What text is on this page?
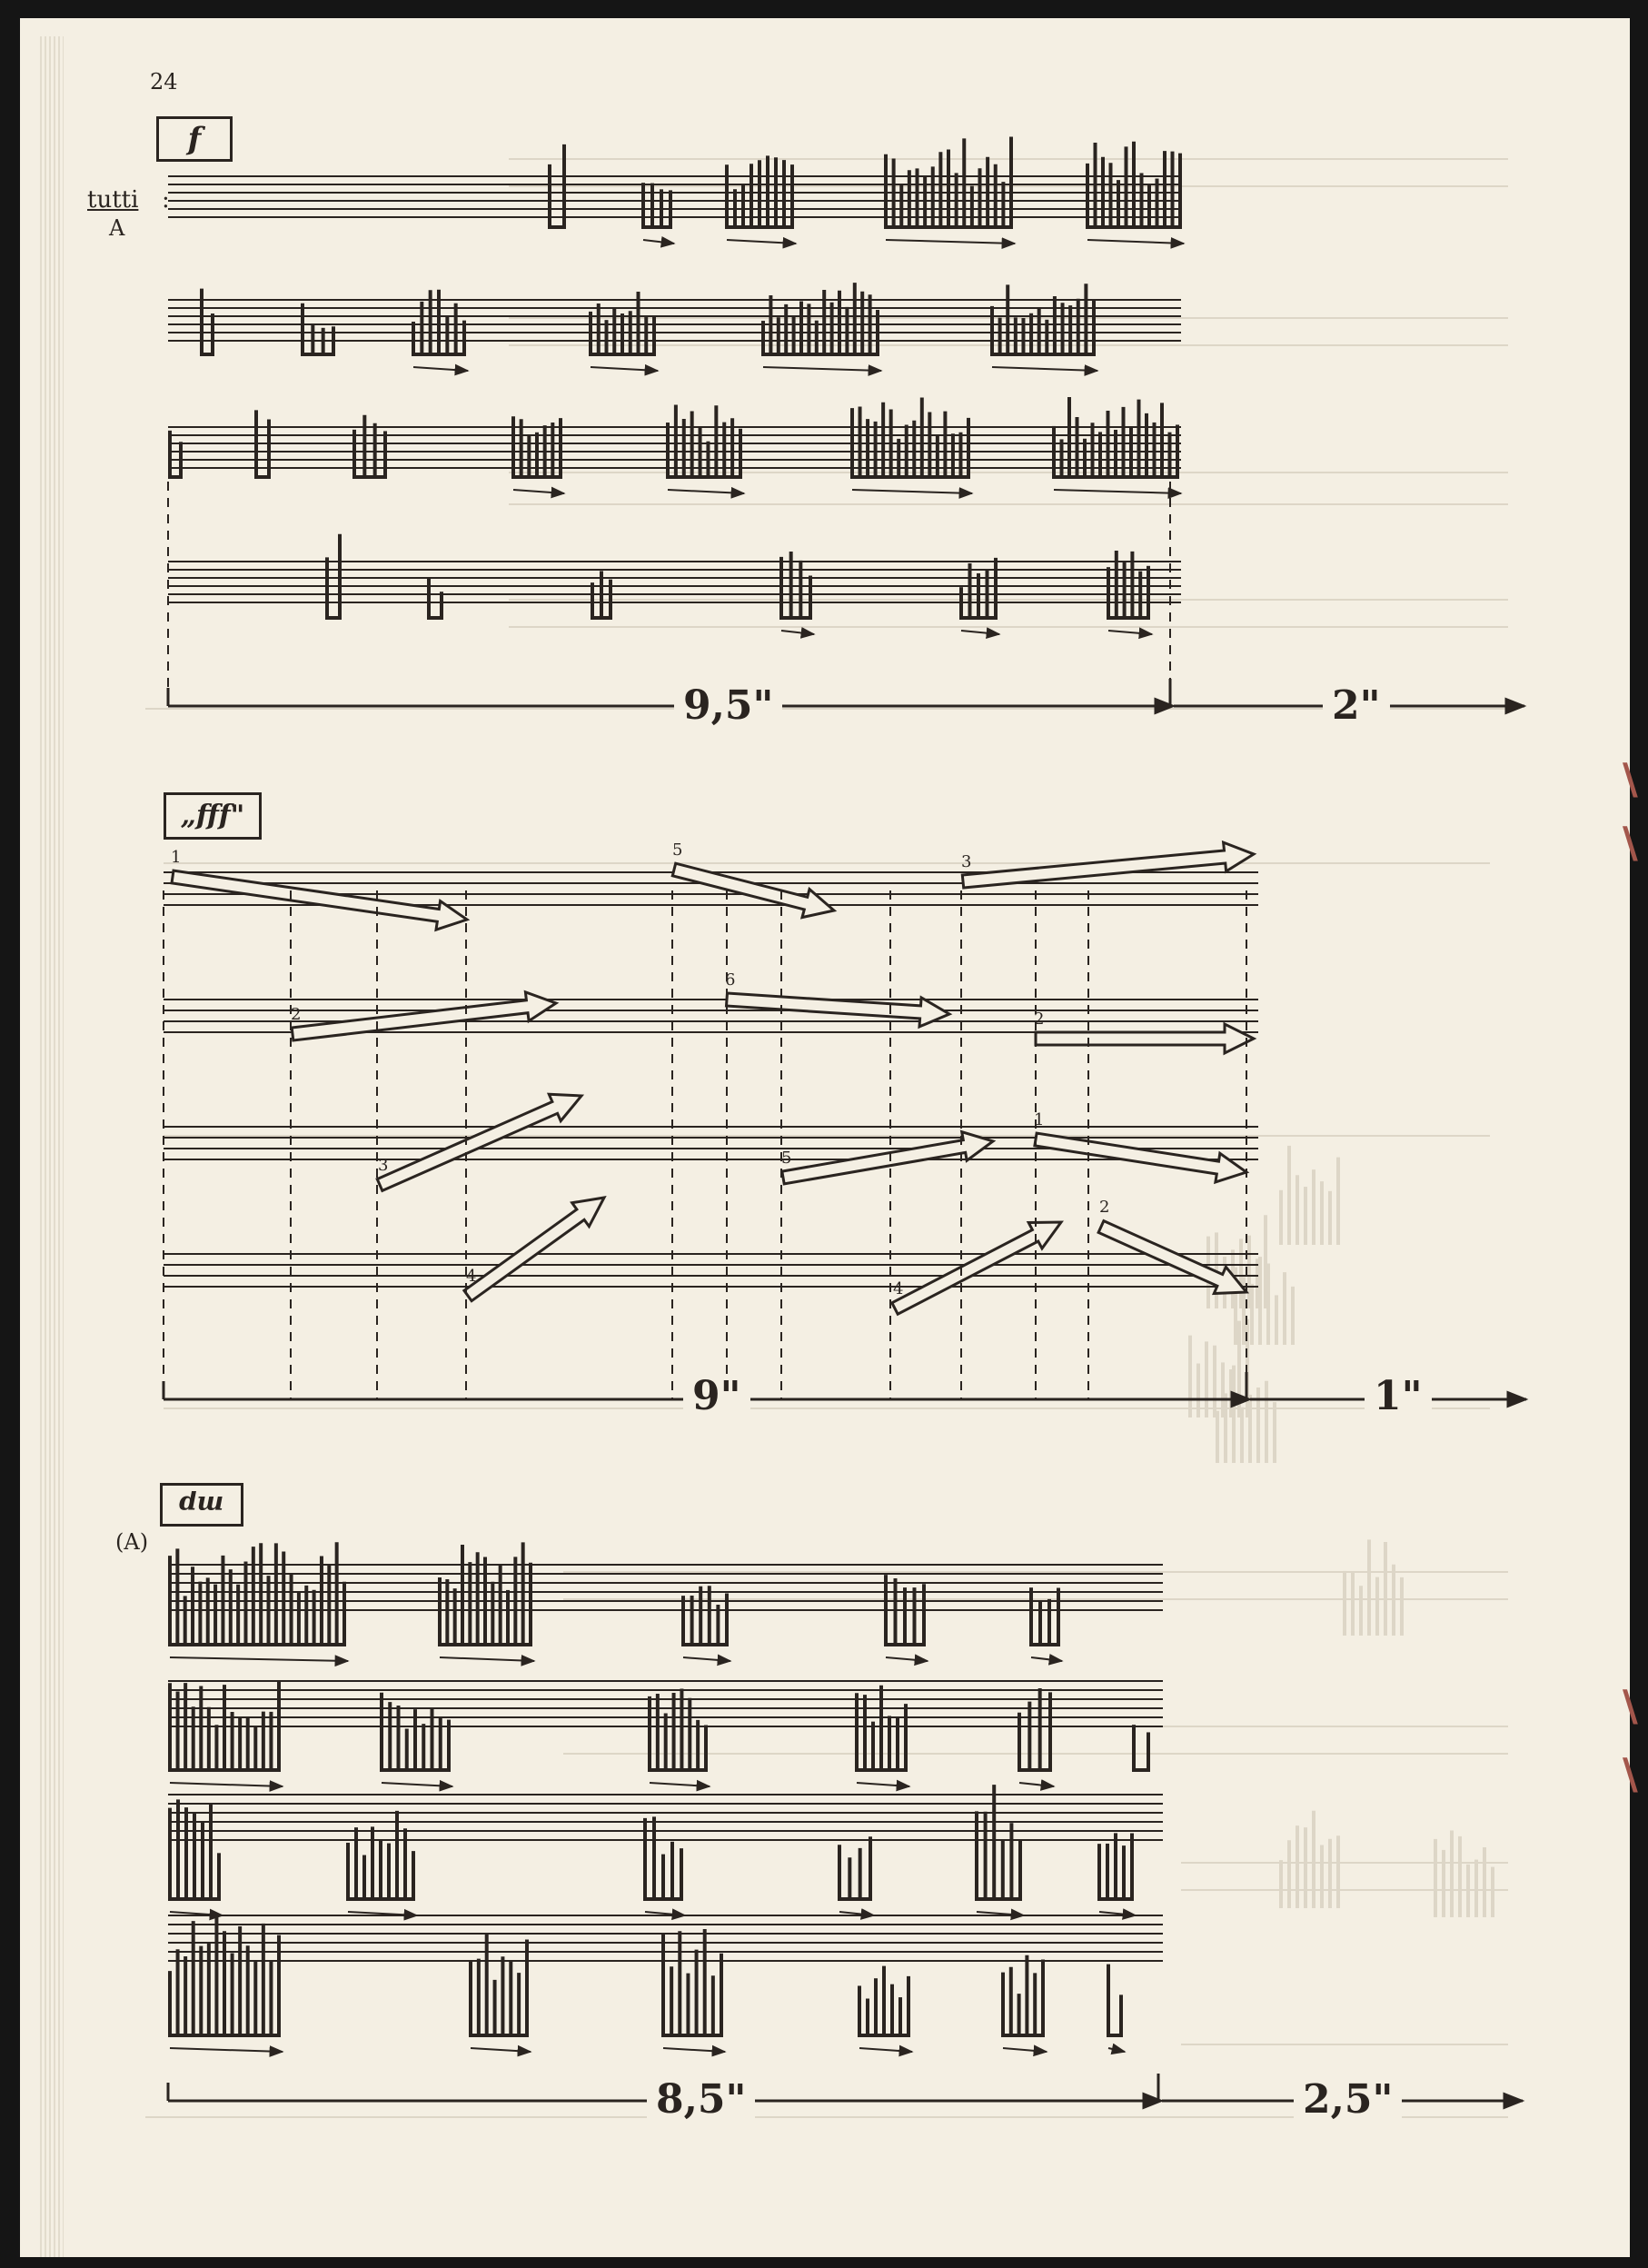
1	5
3
2
6
2
3	5
1
4
4
2
24
tutti :
A
(A)
f
„fff"
mp
9,5"	2"
9"	1"
8,5"	2,5"
\
\
\
\
